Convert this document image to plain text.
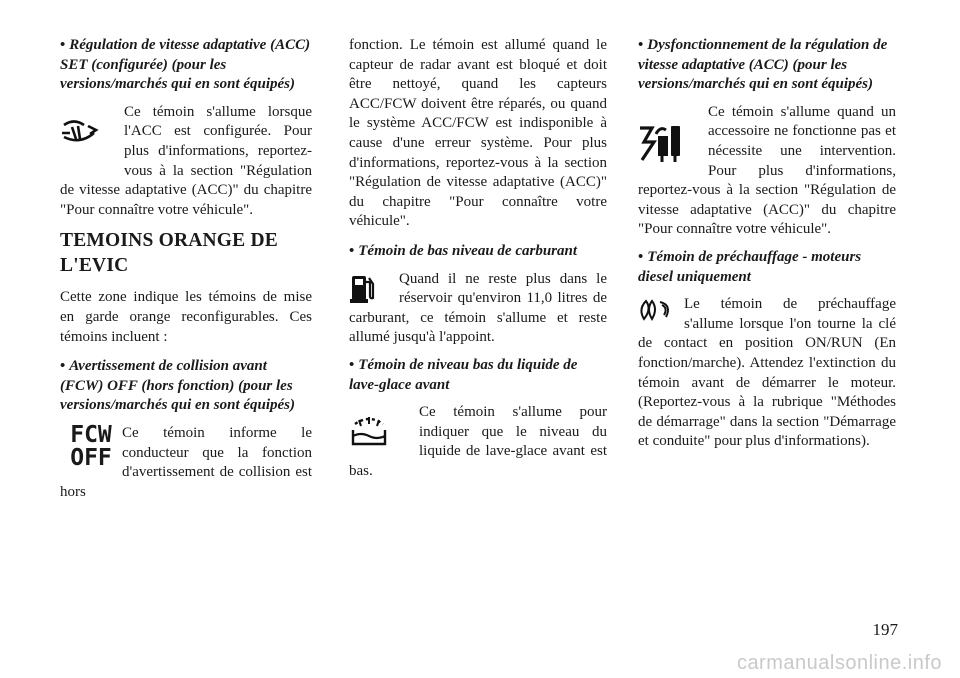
• Régulation de vitesse adaptative (ACC) SET (configurée) (pour les versions/marchés qui en sont équipés)
Ce témoin s'allume lorsque l'ACC est configurée. Pour plus d'informations, reportez-vous à la section "Régulation de vitesse adaptative (ACC)" du chapitre "Pour connaître votre véhicule".
TEMOINS ORANGE DE
L'EVIC

Cette zone indique les témoins de mise en garde orange reconfigurables. Ces témoins incluent :

• Avertissement de collision avant (FCW) OFF (hors fonction) (pour les versions/marchés qui en sont équipés)
FCW
OFF
Ce témoin informe le conducteur que la fonction d'avertissement de collision est hors

fonction. Le témoin est allumé quand le capteur de radar avant est bloqué et doit être nettoyé, quand les capteurs ACC/FCW doivent être réparés, ou quand le système ACC/FCW est indisponible à cause d'une erreur système. Pour plus d'informations, reportez-vous à la section "Régulation de vitesse adaptative (ACC)" du chapitre "Pour connaître votre véhicule".

• Témoin de bas niveau de carburant
Quand il ne reste plus dans le réservoir qu'environ 11,0 litres de carburant, ce témoin s'allume et reste allumé jusqu'à l'appoint.
• Témoin de niveau bas du liquide de lave-glace avant
Ce témoin s'allume pour indiquer que le niveau du liquide de lave-glace avant est bas.
• Dysfonctionnement de la régulation de vitesse adaptative (ACC) (pour les versions/marchés qui en sont équipés)
Ce témoin s'allume quand un accessoire ne fonctionne pas et nécessite une intervention. Pour plus d'informations, reportez-vous à la section "Régulation de vitesse adaptative (ACC)" du chapitre "Pour connaître votre véhicule".
• Témoin de préchauffage - moteurs diesel uniquement
Le témoin de préchauffage s'allume lorsque l'on tourne la clé de contact en position ON/RUN (En fonction/marche). Attendez l'extinction du témoin avant de démarrer le moteur. (Reportez-vous à la rubrique "Méthodes de démarrage" dans la section "Démarrage et conduite" pour plus d'informations).
197
carmanualsonline.info
